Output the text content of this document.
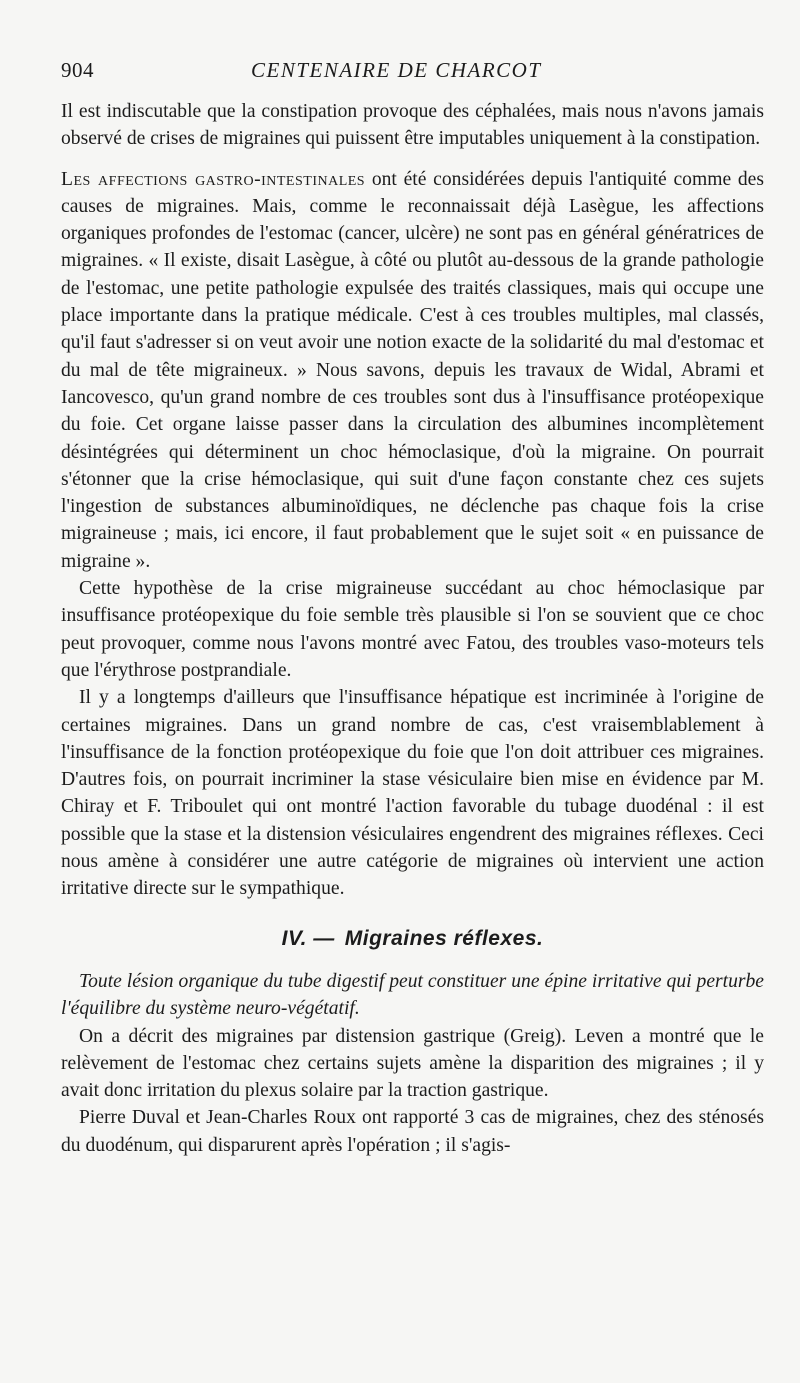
904	CENTENAIRE DE CHARCOT

Il est indiscutable que la constipation provoque des céphalées, mais nous n'avons jamais observé de crises de migraines qui puissent être imputables uniquement à la constipation.

Les affections gastro-intestinales ont été considérées depuis l'antiquité comme des causes de migraines. Mais, comme le reconnaissait déjà Lasègue, les affections organiques profondes de l'estomac (cancer, ulcère) ne sont pas en général génératrices de migraines. « Il existe, disait Lasègue, à côté ou plutôt au-dessous de la grande pathologie de l'estomac, une petite pathologie expulsée des traités classiques, mais qui occupe une place importante dans la pratique médicale. C'est à ces troubles multiples, mal classés, qu'il faut s'adresser si on veut avoir une notion exacte de la solidarité du mal d'estomac et du mal de tête migraineux. » Nous savons, depuis les travaux de Widal, Abrami et Iancovesco, qu'un grand nombre de ces troubles sont dus à l'insuffisance protéopexique du foie. Cet organe laisse passer dans la circulation des albumines incomplètement désintégrées qui déterminent un choc hémoclasique, d'où la migraine. On pourrait s'étonner que la crise hémoclasique, qui suit d'une façon constante chez ces sujets l'ingestion de substances albuminoïdiques, ne déclenche pas chaque fois la crise migraineuse ; mais, ici encore, il faut probablement que le sujet soit « en puissance de migraine ».

Cette hypothèse de la crise migraineuse succédant au choc hémoclasique par insuffisance protéopexique du foie semble très plausible si l'on se souvient que ce choc peut provoquer, comme nous l'avons montré avec Fatou, des troubles vaso-moteurs tels que l'érythrose postprandiale.

Il y a longtemps d'ailleurs que l'insuffisance hépatique est incriminée à l'origine de certaines migraines. Dans un grand nombre de cas, c'est vraisemblablement à l'insuffisance de la fonction protéopexique du foie que l'on doit attribuer ces migraines. D'autres fois, on pourrait incriminer la stase vésiculaire bien mise en évidence par M. Chiray et F. Triboulet qui ont montré l'action favorable du tubage duodénal : il est possible que la stase et la distension vésiculaires engendrent des migraines réflexes. Ceci nous amène à considérer une autre catégorie de migraines où intervient une action irritative directe sur le sympathique.

IV. — Migraines réflexes.

Toute lésion organique du tube digestif peut constituer une épine irritative qui perturbe l'équilibre du système neuro-végétatif.

On a décrit des migraines par distension gastrique (Greig). Leven a montré que le relèvement de l'estomac chez certains sujets amène la disparition des migraines ; il y avait donc irritation du plexus solaire par la traction gastrique.

Pierre Duval et Jean-Charles Roux ont rapporté 3 cas de migraines, chez des sténosés du duodénum, qui disparurent après l'opération ; il s'agis-
